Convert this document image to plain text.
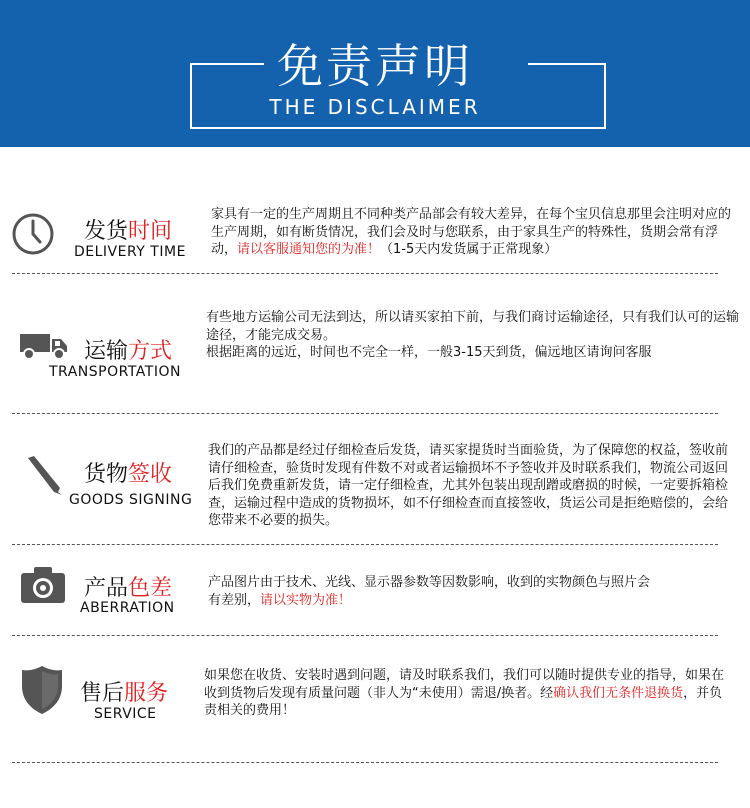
免责声明
THE DISCLAIMER
发货时间
DELIVERY TIME
家具有一定的生产周期且不同种类产品部会有较大差异，在每个宝贝信息那里会注明对应的生产周期，如有断货情况，我们会及时与您联系，由于家具生产的特殊性，货期会常有浮动，请以客服通知您的为准！（1-5天内发货属于正常现象）
运输方式
TRANSPORTATION
有些地方运输公司无法到达，所以请买家拍下前，与我们商讨运输途径，只有我们认可的运输途径，才能完成交易。
根据距离的远近，时间也不完全一样，一般3-15天到货，偏远地区请询问客服
货物签收
GOODS SIGNING
我们的产品都是经过仔细检查后发货，请买家提货时当面验货，为了保障您的权益，签收前请仔细检查，验货时发现有件数不对或者运输损坏不予签收并及时联系我们，物流公司返回后我们免费重新发货，请一定仔细检查，尤其外包装出现刮蹭或磨损的时候，一定要拆箱检查，运输过程中造成的货物损坏，如不仔细检查而直接签收，货运公司是拒绝赔偿的，会给您带来不必要的损失。
产品色差
ABERRATION
产品图片由于技术、光线、显示器参数等因数影响，收到的实物颜色与照片会有差别，请以实物为准！
售后服务
SERVICE
如果您在收货、安装时遇到问题，请及时联系我们，我们可以随时提供专业的指导，如果在收到货物后发现有质量问题（非人为“未使用）需退/换者。经确认我们无条件退换货，并负责相关的费用！
